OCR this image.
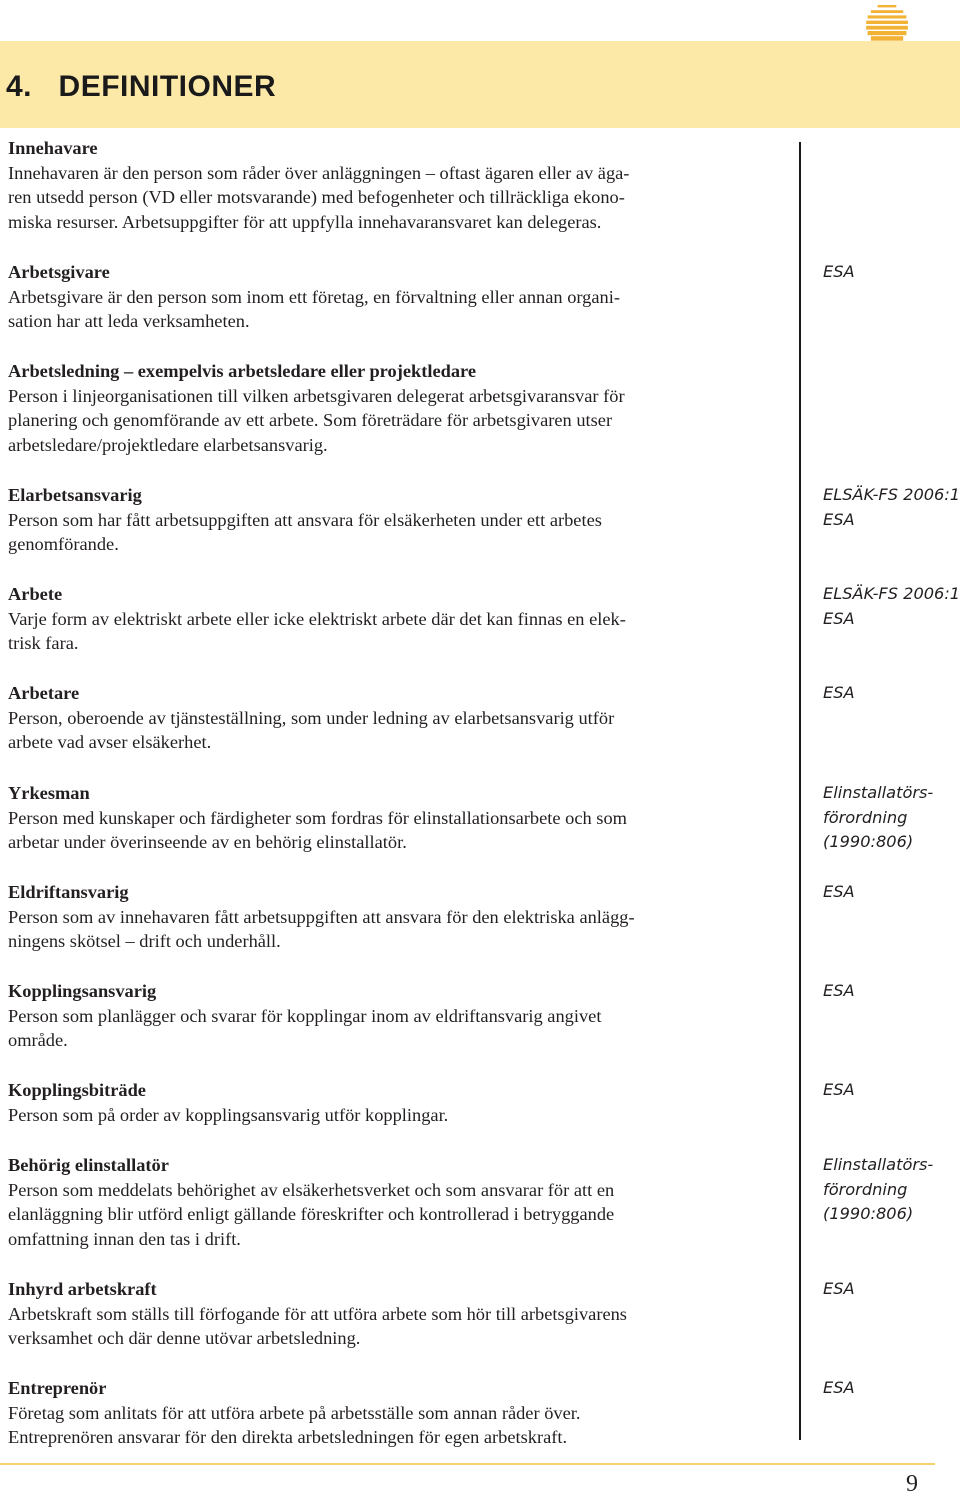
4.   DEFINITIONER
Innehavare
Innehavaren är den person som råder över anläggningen – oftast ägaren eller av äga-
ren utsedd person (VD eller motsvarande) med befogenheter och tillräckliga ekono-
miska resurser. Arbetsuppgifter för att uppfylla innehavaransvaret kan delegeras.
Arbetsgivare
Arbetsgivare är den person som inom ett företag, en förvaltning eller annan organi-
sation har att leda verksamheten.
Arbetsledning – exempelvis arbetsledare eller projektledare
Person i linjeorganisationen till vilken arbetsgivaren delegerat arbetsgivaransvar för
planering och genomförande av ett arbete. Som företrädare för arbetsgivaren utser
arbetsledare/projektledare elarbetsansvarig.
Elarbetsansvarig
Person som har fått arbetsuppgiften att ansvara för elsäkerheten under ett arbetes
genomförande.
Arbete
Varje form av elektriskt arbete eller icke elektriskt arbete där det kan finnas en elek-
trisk fara.
Arbetare
Person, oberoende av tjänsteställning, som under ledning av elarbetsansvarig utför
arbete vad avser elsäkerhet.
Yrkesman
Person med kunskaper och färdigheter som fordras för elinstallationsarbete och som
arbetar under överinseende av en behörig elinstallatör.
Eldriftansvarig
Person som av innehavaren fått arbetsuppgiften att ansvara för den elektriska anlägg-
ningens skötsel – drift och underhåll.
Kopplingsansvarig
Person som planlägger och svarar för kopplingar inom av eldriftansvarig angivet
område.
Kopplingsbiträde
Person som på order av kopplingsansvarig utför kopplingar.
Behörig elinstallatör
Person som meddelats behörighet av elsäkerhetsverket och som ansvarar för att en
elanläggning blir utförd enligt gällande föreskrifter och kontrollerad i betryggande
omfattning innan den tas i drift.
Inhyrd arbetskraft
Arbetskraft som ställs till förfogande för att utföra arbete som hör till arbetsgivarens
verksamhet och där denne utövar arbetsledning.
Entreprenör
Företag som anlitats för att utföra arbete på arbetsställe som annan råder över.
Entreprenören ansvarar för den direkta arbetsledningen för egen arbetskraft.
ESA
ELSÄK-FS 2006:1
ESA
ELSÄK-FS 2006:1
ESA
ESA
Elinstallatörs-
förordning
(1990:806)
ESA
ESA
ESA
Elinstallatörs-
förordning
(1990:806)
ESA
ESA

9
